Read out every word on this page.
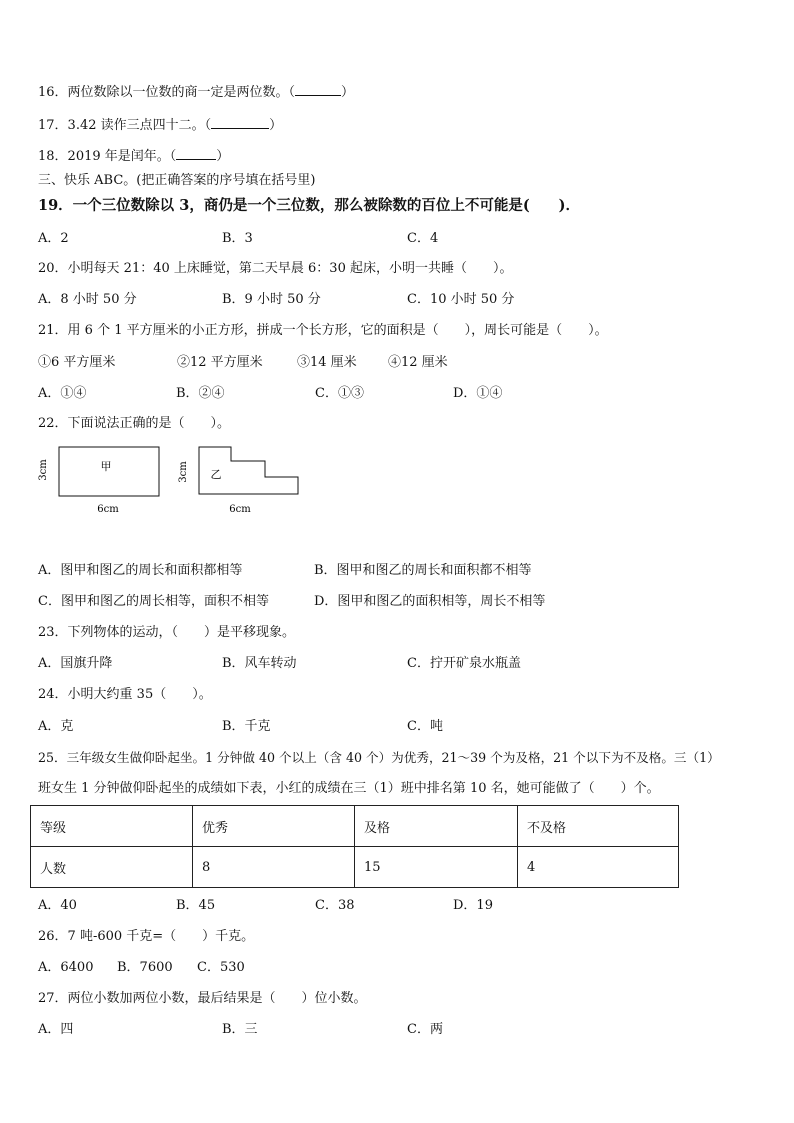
16．两位数除以一位数的商一定是两位数。（	）
17．3.42 读作三点四十二。（	）
18．2019 年是闰年。（	）
三、快乐 ABC。(把正确答案的序号填在括号里)
19．一个三位数除以 3，商仍是一个三位数，那么被除数的百位上不可能是(　　)．
A．2	B．3	C．4
20．小明每天 21：40 上床睡觉，第二天早晨 6：30 起床，小明一共睡（　　）。
A．8 小时 50 分	B．9 小时 50 分	C．10 小时 50 分
21．用 6 个 1 平方厘米的小正方形，拼成一个长方形，它的面积是（　　），周长可能是（　　）。
①6 平方厘米	②12 平方厘米	③14 厘米 ④12 厘米
A．①④	B．②④	C．①③	D．①④
22．下面说法正确的是（　　）。
甲
3cm
6cm
乙
3cm
6cm
A．图甲和图乙的周长和面积都相等	B．图甲和图乙的周长和面积都不相等
C．图甲和图乙的周长相等，面积不相等	D．图甲和图乙的面积相等，周长不相等
23．下列物体的运动，（　　）是平移现象。
A．国旗升降	B．风车转动	C．拧开矿泉水瓶盖
24．小明大约重 35（　　）。
A．克	B．千克	C．吨
25．三年级女生做仰卧起坐。1 分钟做 40 个以上（含 40 个）为优秀，21～39 个为及格，21 个以下为不及格。三（1）
班女生 1 分钟做仰卧起坐的成绩如下表，小红的成绩在三（1）班中排名第 10 名，她可能做了（　　）个。
等级	优秀	及格	不及格
人数	8	15	4
A．40	B．45	C．38	D．19
26．7 吨-600 千克=（　　）千克。
A．6400 B．7600 C．530
27．两位小数加两位小数，最后结果是（　　）位小数。
A．四	B．三	C．两
